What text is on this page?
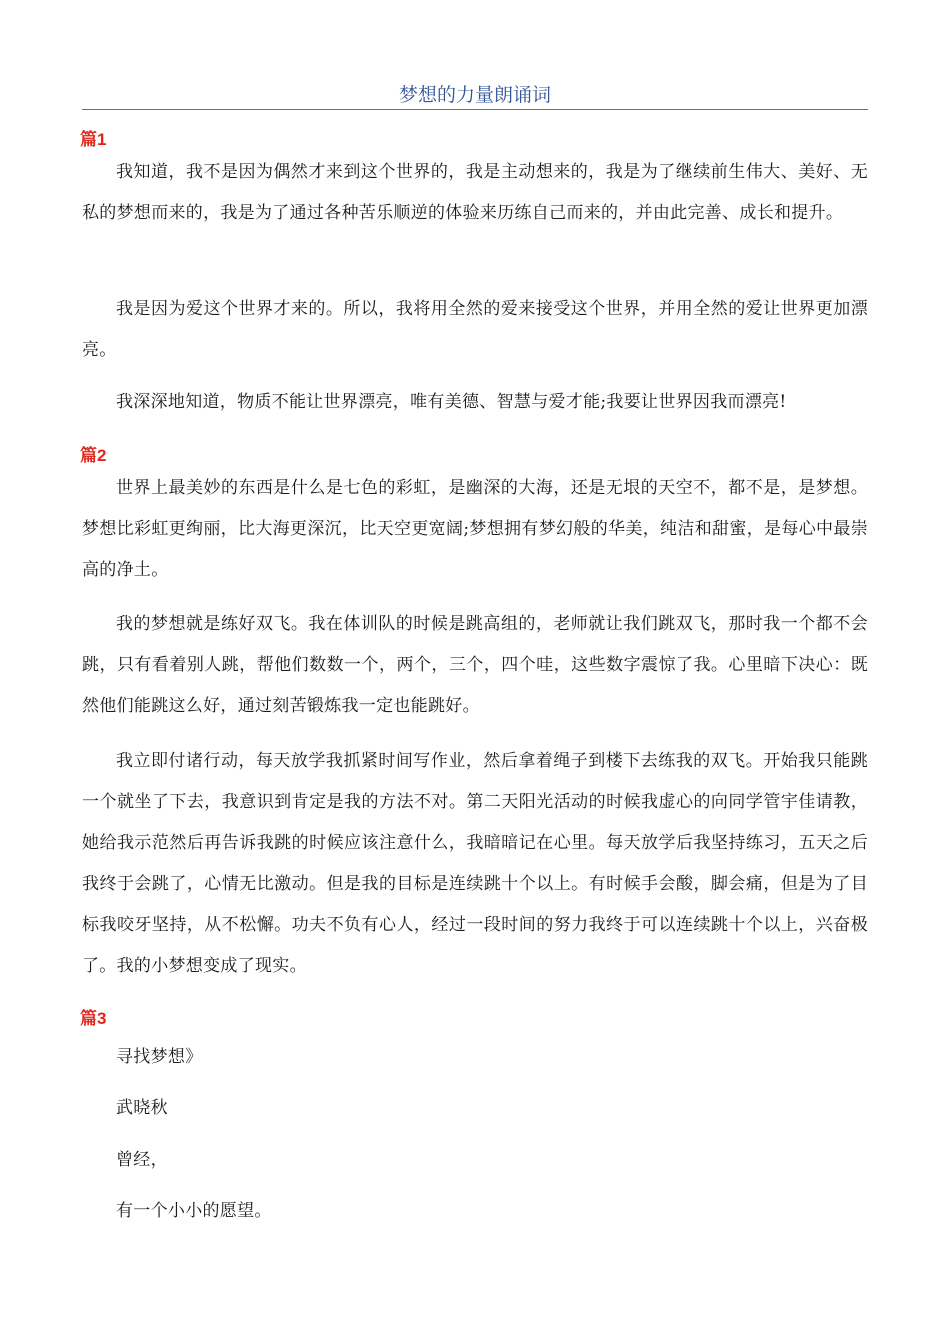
梦想的力量朗诵词
篇1

我知道，我不是因为偶然才来到这个世界的，我是主动想来的，我是为了继续前生伟大、美好、无私的梦想而来的，我是为了通过各种苦乐顺逆的体验来历练自己而来的，并由此完善、成长和提升。

我是因为爱这个世界才来的。所以，我将用全然的爱来接受这个世界，并用全然的爱让世界更加漂亮。

我深深地知道，物质不能让世界漂亮，唯有美德、智慧与爱才能;我要让世界因我而漂亮!

篇2

世界上最美妙的东西是什么是七色的彩虹，是幽深的大海，还是无垠的天空不，都不是，是梦想。梦想比彩虹更绚丽，比大海更深沉，比天空更宽阔;梦想拥有梦幻般的华美，纯洁和甜蜜，是每心中最崇高的净土。

我的梦想就是练好双飞。我在体训队的时候是跳高组的，老师就让我们跳双飞，那时我一个都不会跳，只有看着别人跳，帮他们数数一个，两个，三个，四个哇，这些数字震惊了我。心里暗下决心：既然他们能跳这么好，通过刻苦锻炼我一定也能跳好。

我立即付诸行动，每天放学我抓紧时间写作业，然后拿着绳子到楼下去练我的双飞。开始我只能跳一个就坐了下去，我意识到肯定是我的方法不对。第二天阳光活动的时候我虚心的向同学管宇佳请教，她给我示范然后再告诉我跳的时候应该注意什么，我暗暗记在心里。每天放学后我坚持练习，五天之后我终于会跳了，心情无比激动。但是我的目标是连续跳十个以上。有时候手会酸，脚会痛，但是为了目标我咬牙坚持，从不松懈。功夫不负有心人，经过一段时间的努力我终于可以连续跳十个以上，兴奋极了。我的小梦想变成了现实。

篇3
寻找梦想》
武晓秋
曾经，
有一个小小的愿望。
